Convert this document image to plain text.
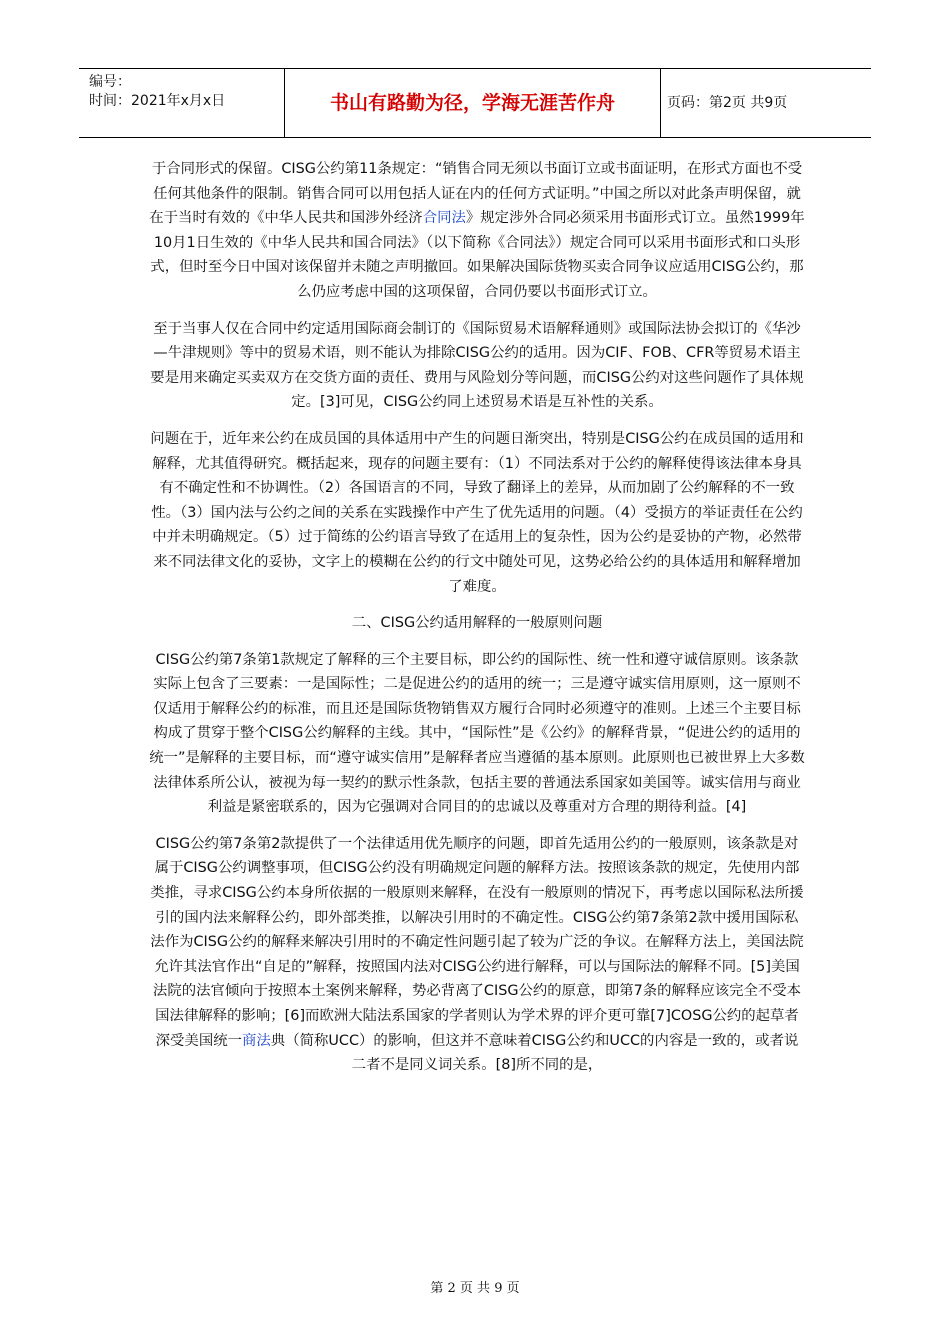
编号：
时间：2021年x月x日	书山有路勤为径，学海无涯苦作舟	页码：第2页 共9页

于合同形式的保留。CISG公约第11条规定：“销售合同无须以书面订立或书面证明，在形式方面也不受任何其他条件的限制。销售合同可以用包括人证在内的任何方式证明。”中国之所以对此条声明保留，就在于当时有效的《中华人民共和国涉外经济合同法》规定涉外合同必须采用书面形式订立。虽然1999年10月1日生效的《中华人民共和国合同法》（以下简称《合同法》）规定合同可以采用书面形式和口头形式，但时至今日中国对该保留并未随之声明撤回。如果解决国际货物买卖合同争议应适用CISG公约，那么仍应考虑中国的这项保留，合同仍要以书面形式订立。

至于当事人仅在合同中约定适用国际商会制订的《国际贸易术语解释通则》或国际法协会拟订的《华沙—牛津规则》等中的贸易术语，则不能认为排除CISG公约的适用。因为CIF、FOB、CFR等贸易术语主要是用来确定买卖双方在交货方面的责任、费用与风险划分等问题，而CISG公约对这些问题作了具体规定。[3]可见，CISG公约同上述贸易术语是互补性的关系。

问题在于，近年来公约在成员国的具体适用中产生的问题日渐突出，特别是CISG公约在成员国的适用和解释，尤其值得研究。概括起来，现存的问题主要有：（1）不同法系对于公约的解释使得该法律本身具有不确定性和不协调性。（2）各国语言的不同，导致了翻译上的差异，从而加剧了公约解释的不一致性。（3）国内法与公约之间的关系在实践操作中产生了优先适用的问题。（4）受损方的举证责任在公约中并未明确规定。（5）过于简练的公约语言导致了在适用上的复杂性，因为公约是妥协的产物，必然带来不同法律文化的妥协，文字上的模糊在公约的行文中随处可见，这势必给公约的具体适用和解释增加了难度。

二、CISG公约适用解释的一般原则问题

CISG公约第7条第1款规定了解释的三个主要目标，即公约的国际性、统一性和遵守诚信原则。该条款实际上包含了三要素：一是国际性；二是促进公约的适用的统一；三是遵守诚实信用原则，这一原则不仅适用于解释公约的标准，而且还是国际货物销售双方履行合同时必须遵守的准则。上述三个主要目标构成了贯穿于整个CISG公约解释的主线。其中，“国际性”是《公约》的解释背景，“促进公约的适用的统一”是解释的主要目标，而“遵守诚实信用”是解释者应当遵循的基本原则。此原则也已被世界上大多数法律体系所公认，被视为每一契约的默示性条款，包括主要的普通法系国家如美国等。诚实信用与商业利益是紧密联系的，因为它强调对合同目的的忠诚以及尊重对方合理的期待利益。[4]

CISG公约第7条第2款提供了一个法律适用优先顺序的问题，即首先适用公约的一般原则，该条款是对属于CISG公约调整事项，但CISG公约没有明确规定问题的解释方法。按照该条款的规定，先使用内部类推，寻求CISG公约本身所依据的一般原则来解释，在没有一般原则的情况下，再考虑以国际私法所援引的国内法来解释公约，即外部类推，以解决引用时的不确定性。CISG公约第7条第2款中援用国际私法作为CISG公约的解释来解决引用时的不确定性问题引起了较为广泛的争议。在解释方法上，美国法院允许其法官作出“自足的”解释，按照国内法对CISG公约进行解释，可以与国际法的解释不同。[5]美国法院的法官倾向于按照本土案例来解释，势必背离了CISG公约的原意，即第7条的解释应该完全不受本国法律解释的影响；[6]而欧洲大陆法系国家的学者则认为学术界的评介更可靠[7]COSG公约的起草者深受美国统一商法典（简称UCC）的影响，但这并不意味着CISG公约和UCC的内容是一致的，或者说二者不是同义词关系。[8]所不同的是，

第 2 页 共 9 页
